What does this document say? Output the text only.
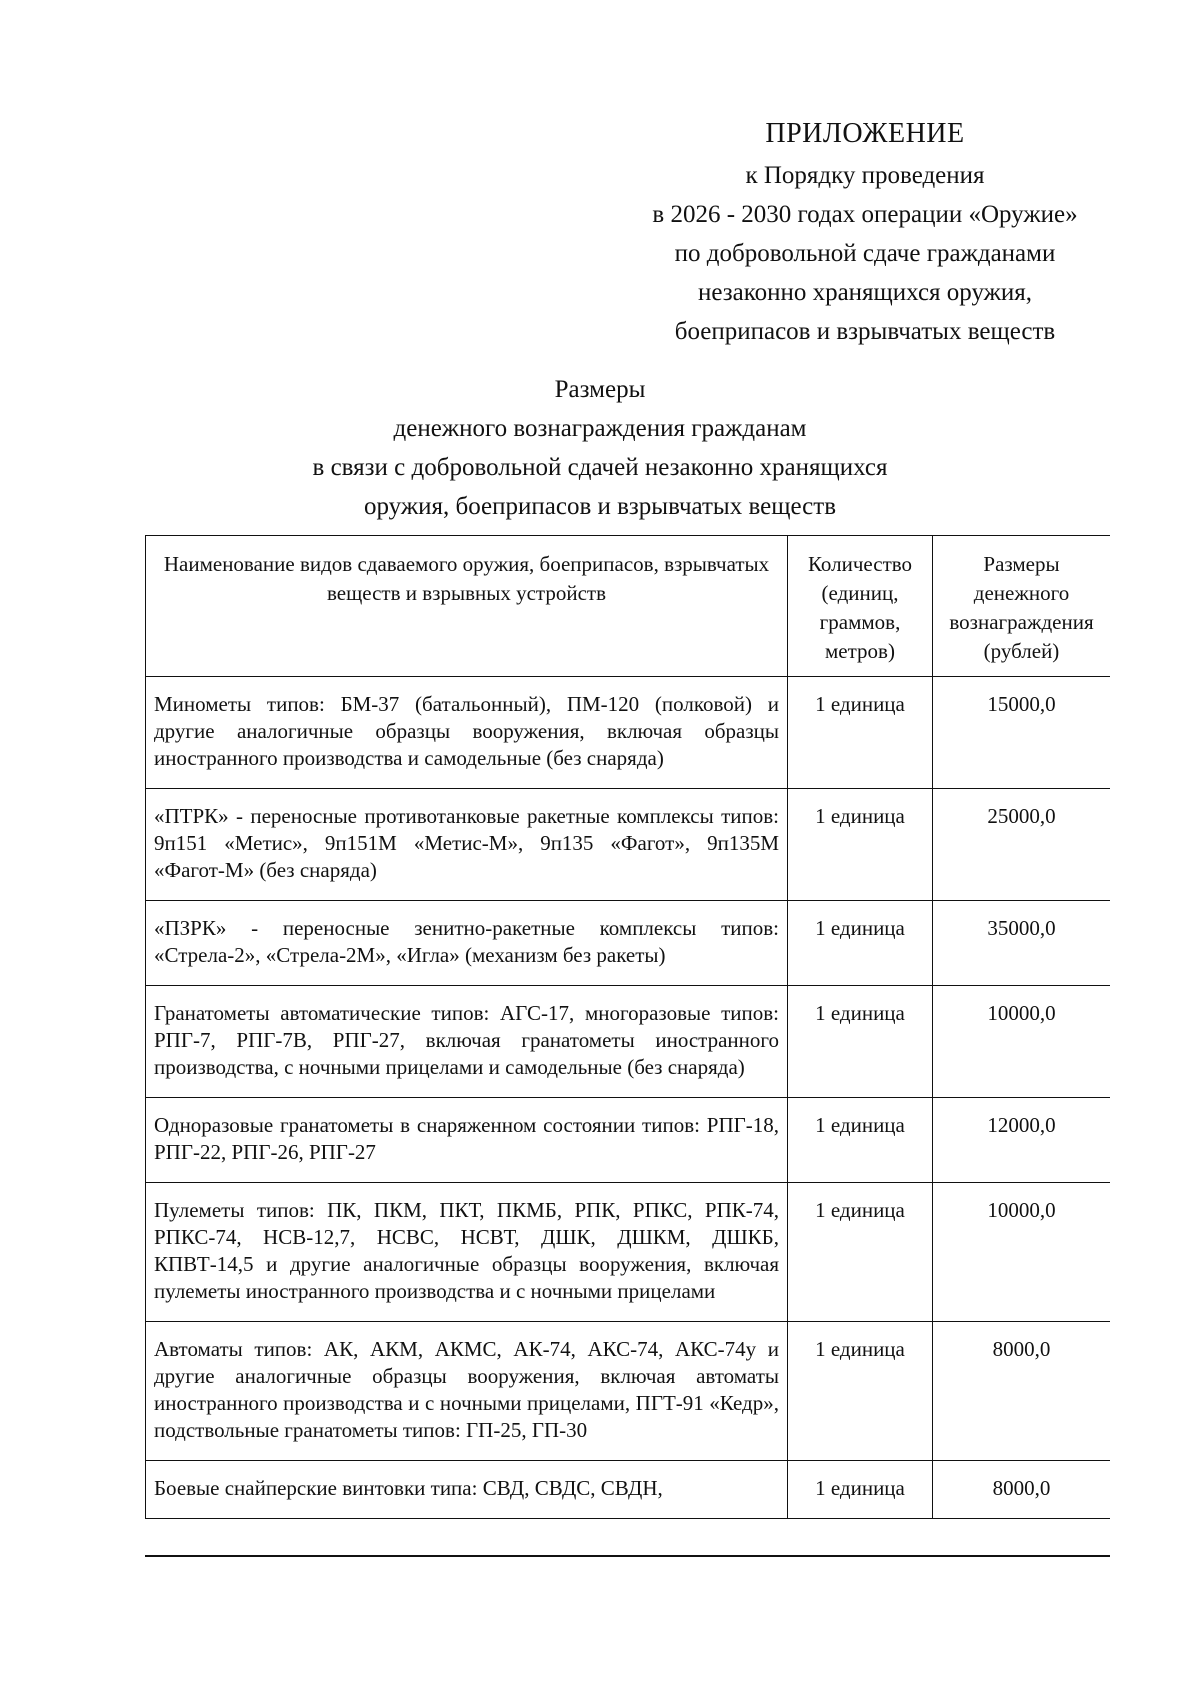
ПРИЛОЖЕНИЕ
к Порядку проведения
в 2026 - 2030 годах операции «Оружие»
по добровольной сдаче гражданами
незаконно хранящихся оружия,
боеприпасов и взрывчатых веществ
Размеры
денежного вознаграждения гражданам
в связи с добровольной сдачей незаконно хранящихся
оружия, боеприпасов и взрывчатых веществ
Наименование видов сдаваемого оружия, боеприпасов, взрывчатых веществ и взрывных устройств	Количество (единиц, граммов, метров)	Размеры денежного вознаграждения (рублей)
Минометы типов: БМ-37 (батальонный), ПМ-120 (полковой) и другие аналогичные образцы вооружения, включая образцы иностранного производства и самодельные (без снаряда)	1 единица	15000,0
«ПТРК» - переносные противотанковые ракетные комплексы типов: 9п151 «Метис», 9п151М «Метис-М», 9п135 «Фагот», 9п135М «Фагот-М» (без снаряда)	1 единица	25000,0
«ПЗРК» - переносные зенитно-ракетные комплексы типов: «Стрела-2», «Стрела-2М», «Игла» (механизм без ракеты)	1 единица	35000,0
Гранатометы автоматические типов: АГС-17, многоразовые типов: РПГ-7, РПГ-7В, РПГ-27, включая гранатометы иностранного производства, с ночными прицелами и самодельные (без снаряда)	1 единица	10000,0
Одноразовые гранатометы в снаряженном состоянии типов: РПГ-18, РПГ-22, РПГ-26, РПГ-27	1 единица	12000,0
Пулеметы типов: ПК, ПКМ, ПКТ, ПКМБ, РПК, РПКС, РПК-74, РПКС-74, НСВ-12,7, НСВС, НСВТ, ДШК, ДШКМ, ДШКБ, КПВТ-14,5 и другие аналогичные образцы вооружения, включая пулеметы иностранного производства и с ночными прицелами	1 единица	10000,0
Автоматы типов: АК, АКМ, АКМС, АК-74, АКС-74, АКС-74у и другие аналогичные образцы вооружения, включая автоматы иностранного производства и с ночными прицелами, ПГТ-91 «Кедр», подствольные гранатометы типов: ГП-25, ГП-30	1 единица	8000,0
Боевые снайперские винтовки типа: СВД, СВДС, СВДН,	1 единица	8000,0
